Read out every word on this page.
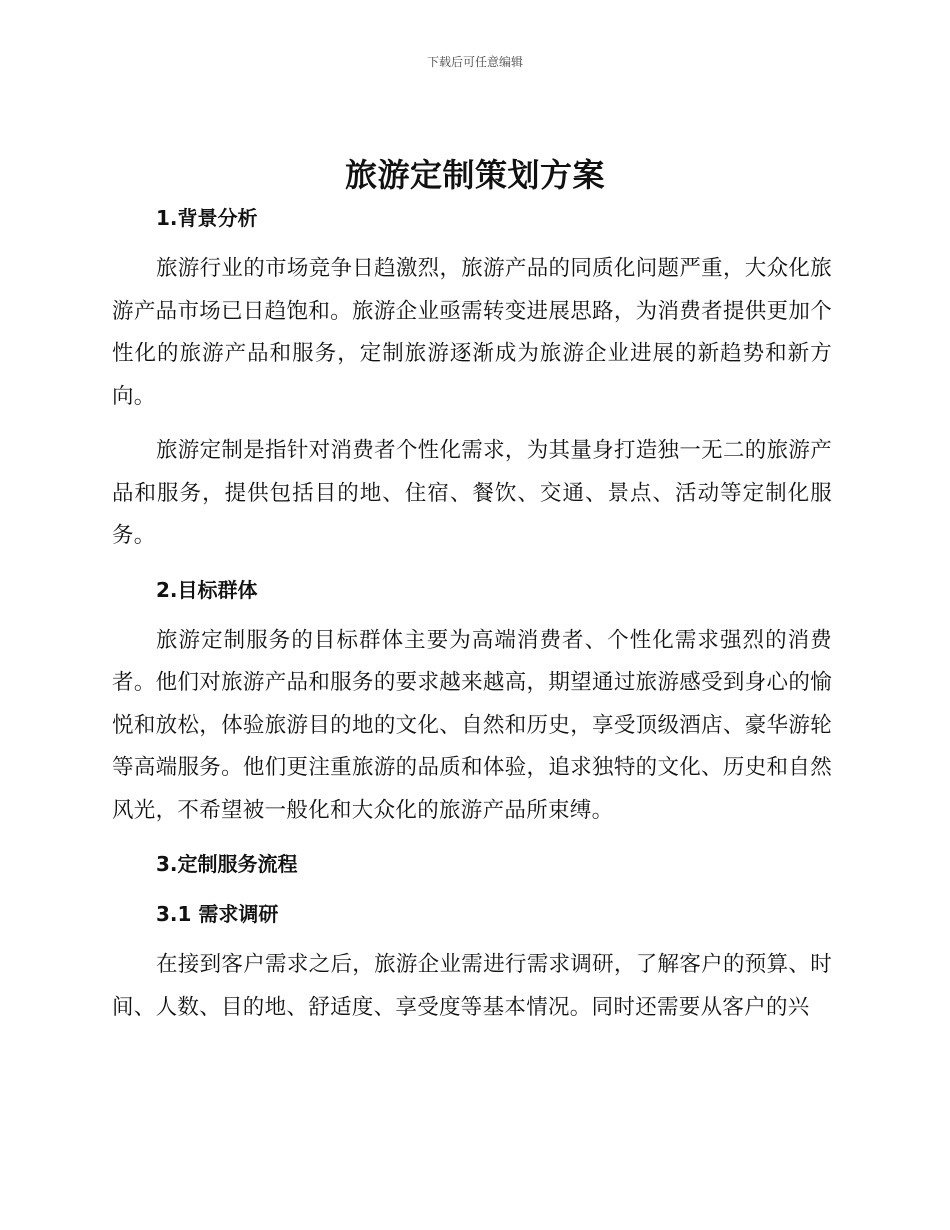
下载后可任意编辑
旅游定制策划方案
1.背景分析

旅游行业的市场竞争日趋激烈，旅游产品的同质化问题严重，大众化旅游产品市场已日趋饱和。旅游企业亟需转变进展思路，为消费者提供更加个性化的旅游产品和服务，定制旅游逐渐成为旅游企业进展的新趋势和新方向。

旅游定制是指针对消费者个性化需求，为其量身打造独一无二的旅游产品和服务，提供包括目的地、住宿、餐饮、交通、景点、活动等定制化服务。

2.目标群体

旅游定制服务的目标群体主要为高端消费者、个性化需求强烈的消费者。他们对旅游产品和服务的要求越来越高，期望通过旅游感受到身心的愉悦和放松，体验旅游目的地的文化、自然和历史，享受顶级酒店、豪华游轮等高端服务。他们更注重旅游的品质和体验，追求独特的文化、历史和自然风光，不希望被一般化和大众化的旅游产品所束缚。

3.定制服务流程
3.1 需求调研

在接到客户需求之后，旅游企业需进行需求调研，了解客户的预算、时间、人数、目的地、舒适度、享受度等基本情况。同时还需要从客户的兴
